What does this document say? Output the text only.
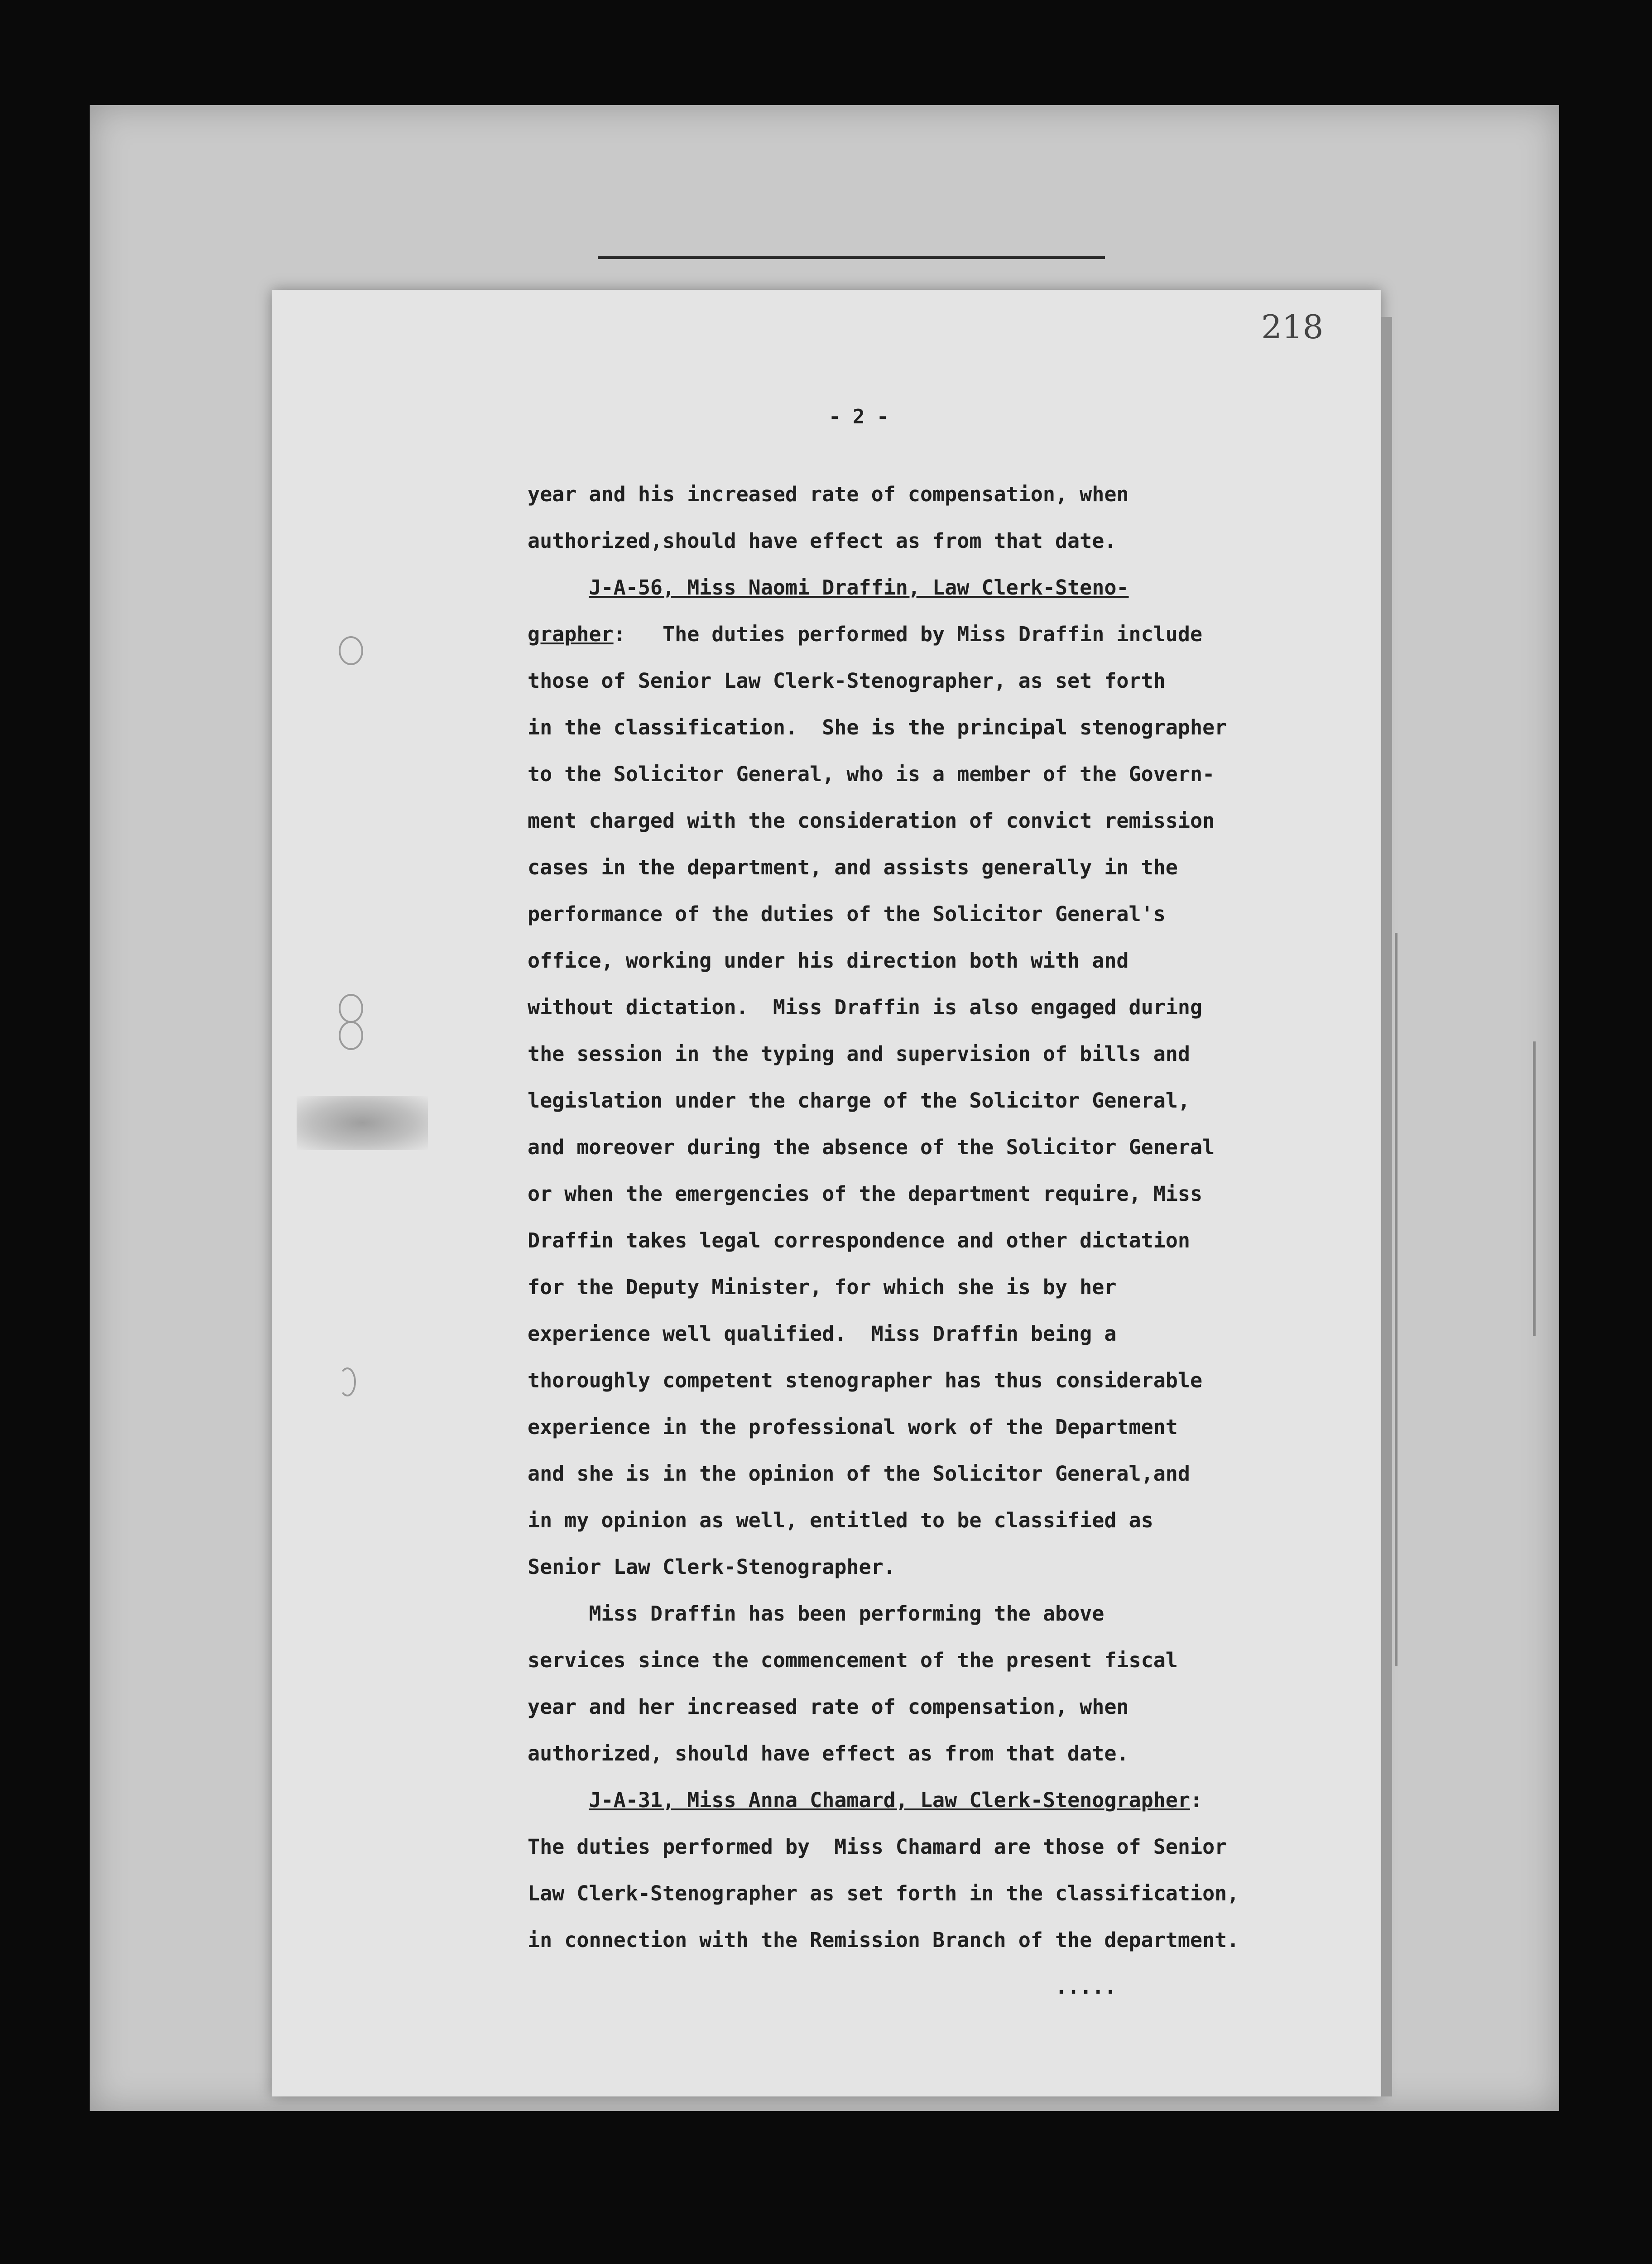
218
- 2 -
year and his increased rate of compensation, when
authorized,should have effect as from that date.
J-A-56, Miss Naomi Draffin, Law Clerk-Steno-
grapher:   The duties performed by Miss Draffin include
those of Senior Law Clerk-Stenographer, as set forth
in the classification.  She is the principal stenographer
to the Solicitor General, who is a member of the Govern-
ment charged with the consideration of convict remission
cases in the department, and assists generally in the
performance of the duties of the Solicitor General's
office, working under his direction both with and
without dictation.  Miss Draffin is also engaged during
the session in the typing and supervision of bills and
legislation under the charge of the Solicitor General,
and moreover during the absence of the Solicitor General
or when the emergencies of the department require, Miss
Draffin takes legal correspondence and other dictation
for the Deputy Minister, for which she is by her
experience well qualified.  Miss Draffin being a
thoroughly competent stenographer has thus considerable
experience in the professional work of the Department
and she is in the opinion of the Solicitor General,and
in my opinion as well, entitled to be classified as
Senior Law Clerk-Stenographer.
Miss Draffin has been performing the above
services since the commencement of the present fiscal
year and her increased rate of compensation, when
authorized, should have effect as from that date.
J-A-31, Miss Anna Chamard, Law Clerk-Stenographer:
The duties performed by  Miss Chamard are those of Senior
Law Clerk-Stenographer as set forth in the classification,
in connection with the Remission Branch of the department.
.....
